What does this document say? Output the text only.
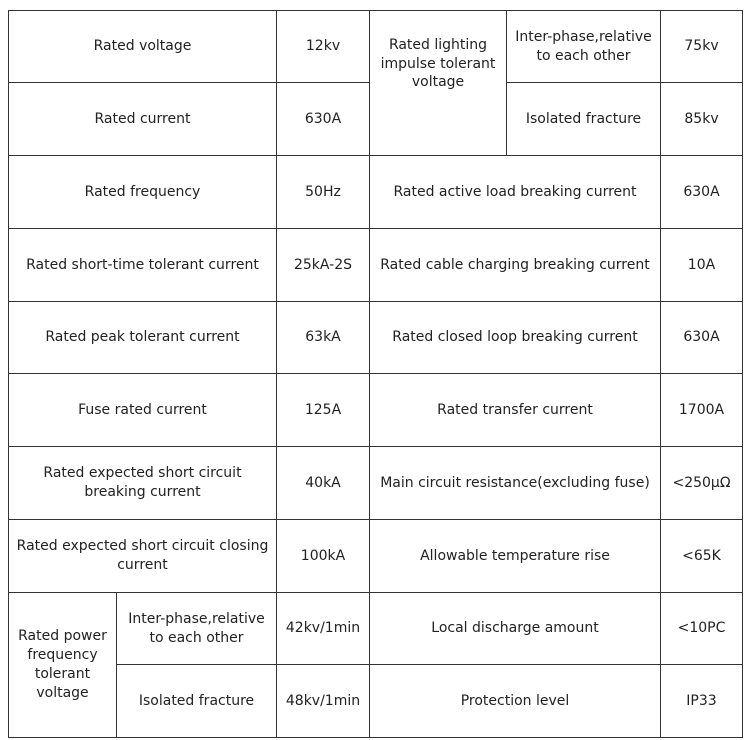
Rated voltage		12kv	Rated lighting impulse tolerant voltage	Inter-phase,relative to each other	75kv
Rated current		630A		Isolated fracture	85kv
Rated frequency		50Hz	Rated active load breaking current		630A
Rated short-time tolerant current		25kA-2S	Rated cable charging breaking current		10A
Rated peak tolerant current		63kA	Rated closed loop breaking current		630A
Fuse rated current		125A	Rated transfer current		1700A
Rated expected short circuit breaking current		40kA	Main circuit resistance(excluding fuse)		<250μΩ
Rated expected short circuit closing current		100kA	Allowable temperature rise		<65K
Rated power frequency tolerant voltage	Inter-phase,relative to each other	42kv/1min	Local discharge amount		<10PC
	Isolated fracture	48kv/1min	Protection level		IP33
